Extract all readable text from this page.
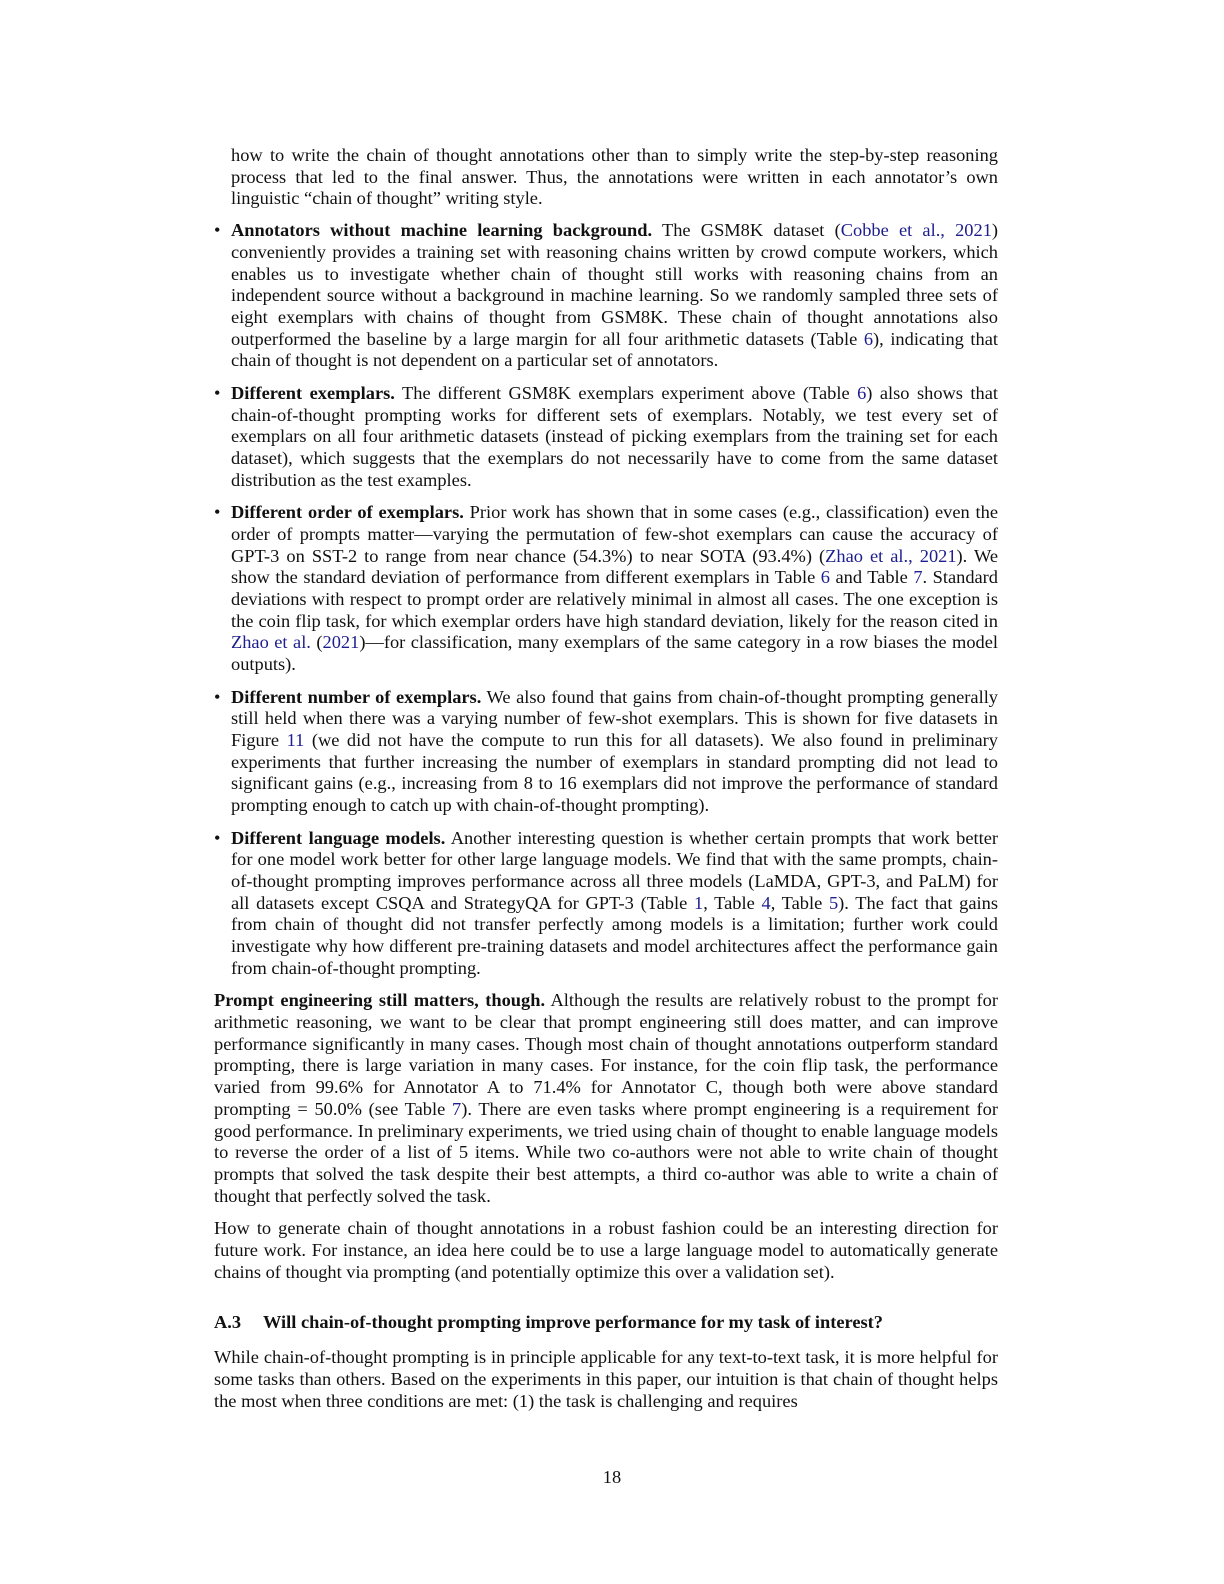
how to write the chain of thought annotations other than to simply write the step-by-step reasoning process that led to the final answer. Thus, the annotations were written in each annotator’s own linguistic “chain of thought” writing style.

• Annotators without machine learning background. The GSM8K dataset (Cobbe et al., 2021) conveniently provides a training set with reasoning chains written by crowd compute workers, which enables us to investigate whether chain of thought still works with reasoning chains from an independent source without a background in machine learning. So we randomly sampled three sets of eight exemplars with chains of thought from GSM8K. These chain of thought annotations also outperformed the baseline by a large margin for all four arithmetic datasets (Table 6), indicating that chain of thought is not dependent on a particular set of annotators.
• Different exemplars. The different GSM8K exemplars experiment above (Table 6) also shows that chain-of-thought prompting works for different sets of exemplars. Notably, we test every set of exemplars on all four arithmetic datasets (instead of picking exemplars from the training set for each dataset), which suggests that the exemplars do not necessarily have to come from the same dataset distribution as the test examples.
• Different order of exemplars. Prior work has shown that in some cases (e.g., classification) even the order of prompts matter—varying the permutation of few-shot exemplars can cause the accuracy of GPT-3 on SST-2 to range from near chance (54.3%) to near SOTA (93.4%) (Zhao et al., 2021). We show the standard deviation of performance from different exemplars in Table 6 and Table 7. Standard deviations with respect to prompt order are relatively minimal in almost all cases. The one exception is the coin flip task, for which exemplar orders have high standard deviation, likely for the reason cited in Zhao et al. (2021)—for classification, many exemplars of the same category in a row biases the model outputs).
• Different number of exemplars. We also found that gains from chain-of-thought prompting generally still held when there was a varying number of few-shot exemplars. This is shown for five datasets in Figure 11 (we did not have the compute to run this for all datasets). We also found in preliminary experiments that further increasing the number of exemplars in standard prompting did not lead to significant gains (e.g., increasing from 8 to 16 exemplars did not improve the performance of standard prompting enough to catch up with chain-of-thought prompting).
• Different language models. Another interesting question is whether certain prompts that work better for one model work better for other large language models. We find that with the same prompts, chain-of-thought prompting improves performance across all three models (LaMDA, GPT-3, and PaLM) for all datasets except CSQA and StrategyQA for GPT-3 (Table 1, Table 4, Table 5). The fact that gains from chain of thought did not transfer perfectly among models is a limitation; further work could investigate why how different pre-training datasets and model architectures affect the performance gain from chain-of-thought prompting.

Prompt engineering still matters, though. Although the results are relatively robust to the prompt for arithmetic reasoning, we want to be clear that prompt engineering still does matter, and can improve performance significantly in many cases. Though most chain of thought annotations outperform standard prompting, there is large variation in many cases. For instance, for the coin flip task, the performance varied from 99.6% for Annotator A to 71.4% for Annotator C, though both were above standard prompting = 50.0% (see Table 7). There are even tasks where prompt engineering is a requirement for good performance. In preliminary experiments, we tried using chain of thought to enable language models to reverse the order of a list of 5 items. While two co-authors were not able to write chain of thought prompts that solved the task despite their best attempts, a third co-author was able to write a chain of thought that perfectly solved the task.

How to generate chain of thought annotations in a robust fashion could be an interesting direction for future work. For instance, an idea here could be to use a large language model to automatically generate chains of thought via prompting (and potentially optimize this over a validation set).

A.3 Will chain-of-thought prompting improve performance for my task of interest?

While chain-of-thought prompting is in principle applicable for any text-to-text task, it is more helpful for some tasks than others. Based on the experiments in this paper, our intuition is that chain of thought helps the most when three conditions are met: (1) the task is challenging and requires

18
